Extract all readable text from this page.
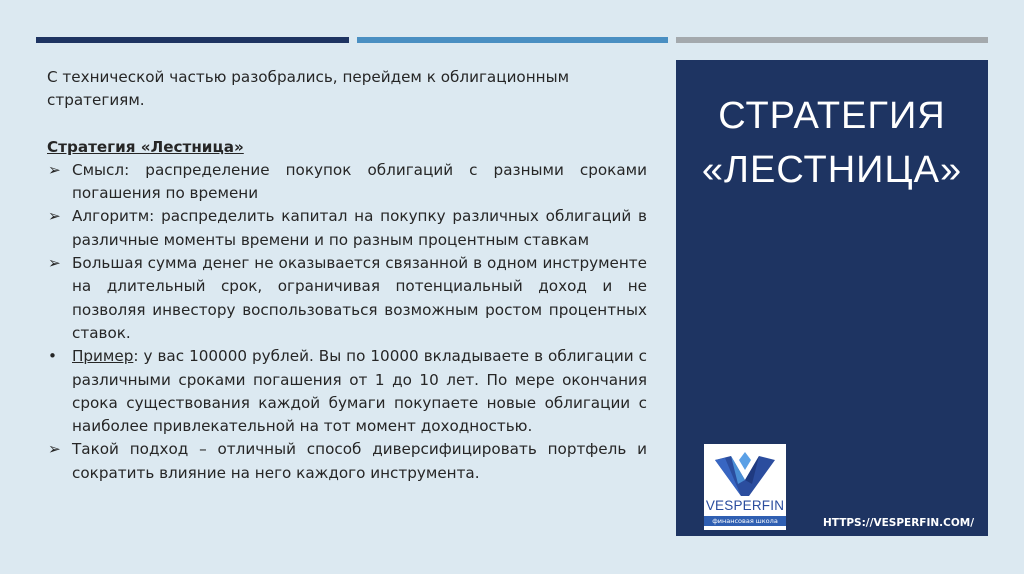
С технической частью разобрались, перейдем к облигационным стратегиям.

Стратегия «Лестница»

➢ Смысл: распределение покупок облигаций с разными сроками погашения по времени
➢ Алгоритм: распределить капитал на покупку различных облигаций в различные моменты времени и по разным процентным ставкам
➢ Большая сумма денег не оказывается связанной в одном инструменте на длительный срок, ограничивая потенциальный доход и не позволяя инвестору воспользоваться возможным ростом процентных ставок.
• Пример: у вас 100000 рублей. Вы по 10000 вкладываете в облигации с различными сроками погашения от 1 до 10 лет. По мере окончания срока существования каждой бумаги покупаете новые облигации с наиболее привлекательной на тот момент доходностью.
➢ Такой подход – отличный способ диверсифицировать портфель и сократить влияние на него каждого инструмента.
СТРАТЕГИЯ
«ЛЕСТНИЦА»
VESPERFIN
финансовая школа	HTTPS://VESPERFIN.COM/
